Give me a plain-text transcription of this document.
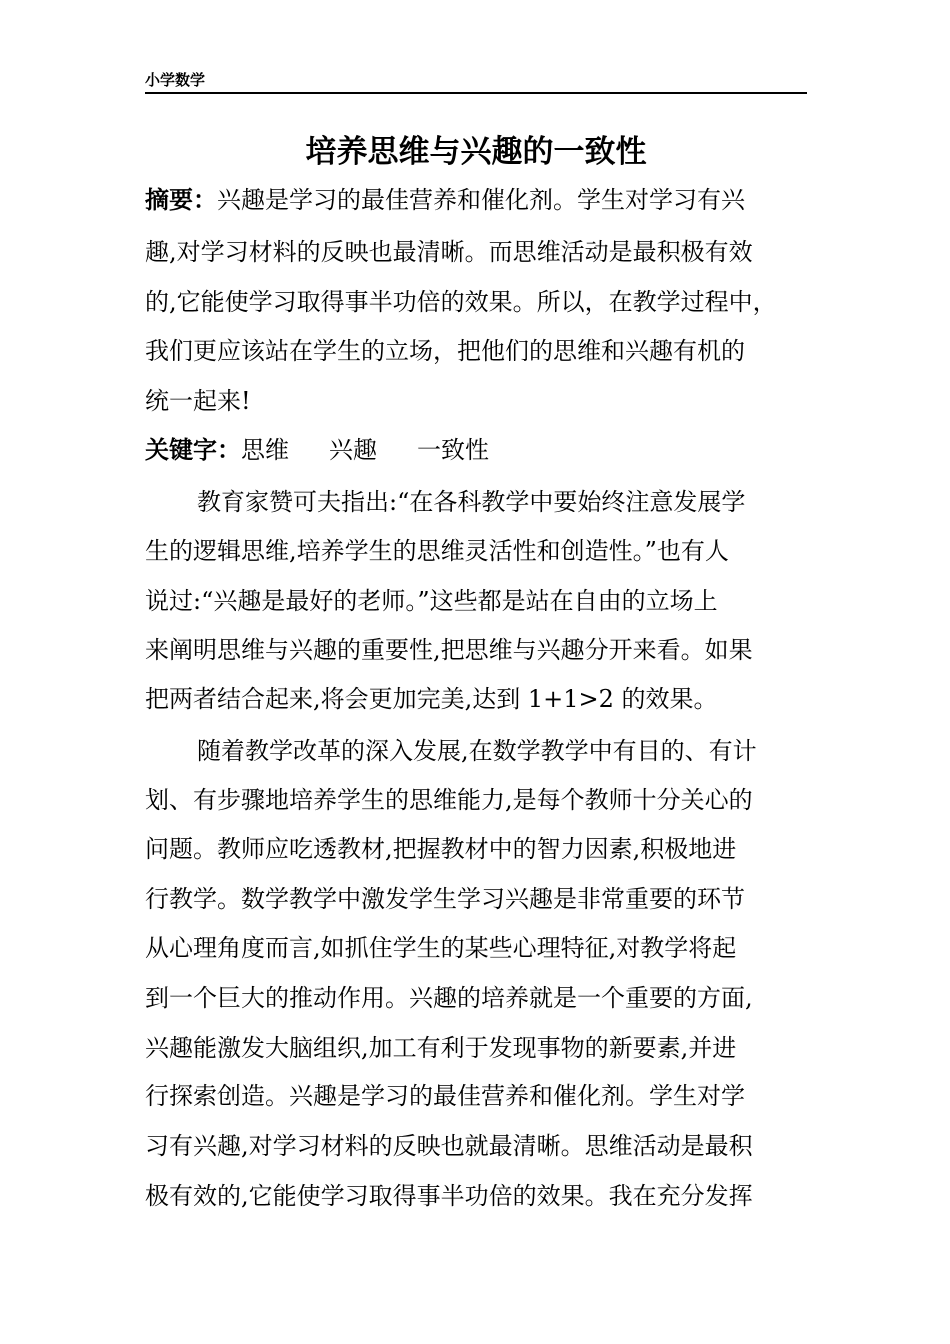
小学数学
培养思维与兴趣的一致性
摘要：兴趣是学习的最佳营养和催化剂。学生对学习有兴
趣,对学习材料的反映也最清晰。而思维活动是最积极有效
的,它能使学习取得事半功倍的效果。所以，在教学过程中，
我们更应该站在学生的立场，把他们的思维和兴趣有机的
统一起来!
关键字：思维 兴趣 一致性
教育家赞可夫指出:“在各科教学中要始终注意发展学
生的逻辑思维,培养学生的思维灵活性和创造性。”也有人
说过:“兴趣是最好的老师。”这些都是站在自由的立场上
来阐明思维与兴趣的重要性,把思维与兴趣分开来看。如果
把两者结合起来,将会更加完美,达到 1+1>2 的效果。
随着教学改革的深入发展,在数学教学中有目的、有计
划、有步骤地培养学生的思维能力,是每个教师十分关心的
问题。教师应吃透教材,把握教材中的智力因素,积极地进
行教学。数学教学中激发学生学习兴趣是非常重要的环节
从心理角度而言,如抓住学生的某些心理特征,对教学将起
到一个巨大的推动作用。兴趣的培养就是一个重要的方面,
兴趣能激发大脑组织,加工有利于发现事物的新要素,并进
行探索创造。兴趣是学习的最佳营养和催化剂。学生对学
习有兴趣,对学习材料的反映也就最清晰。思维活动是最积
极有效的,它能使学习取得事半功倍的效果。我在充分发挥
